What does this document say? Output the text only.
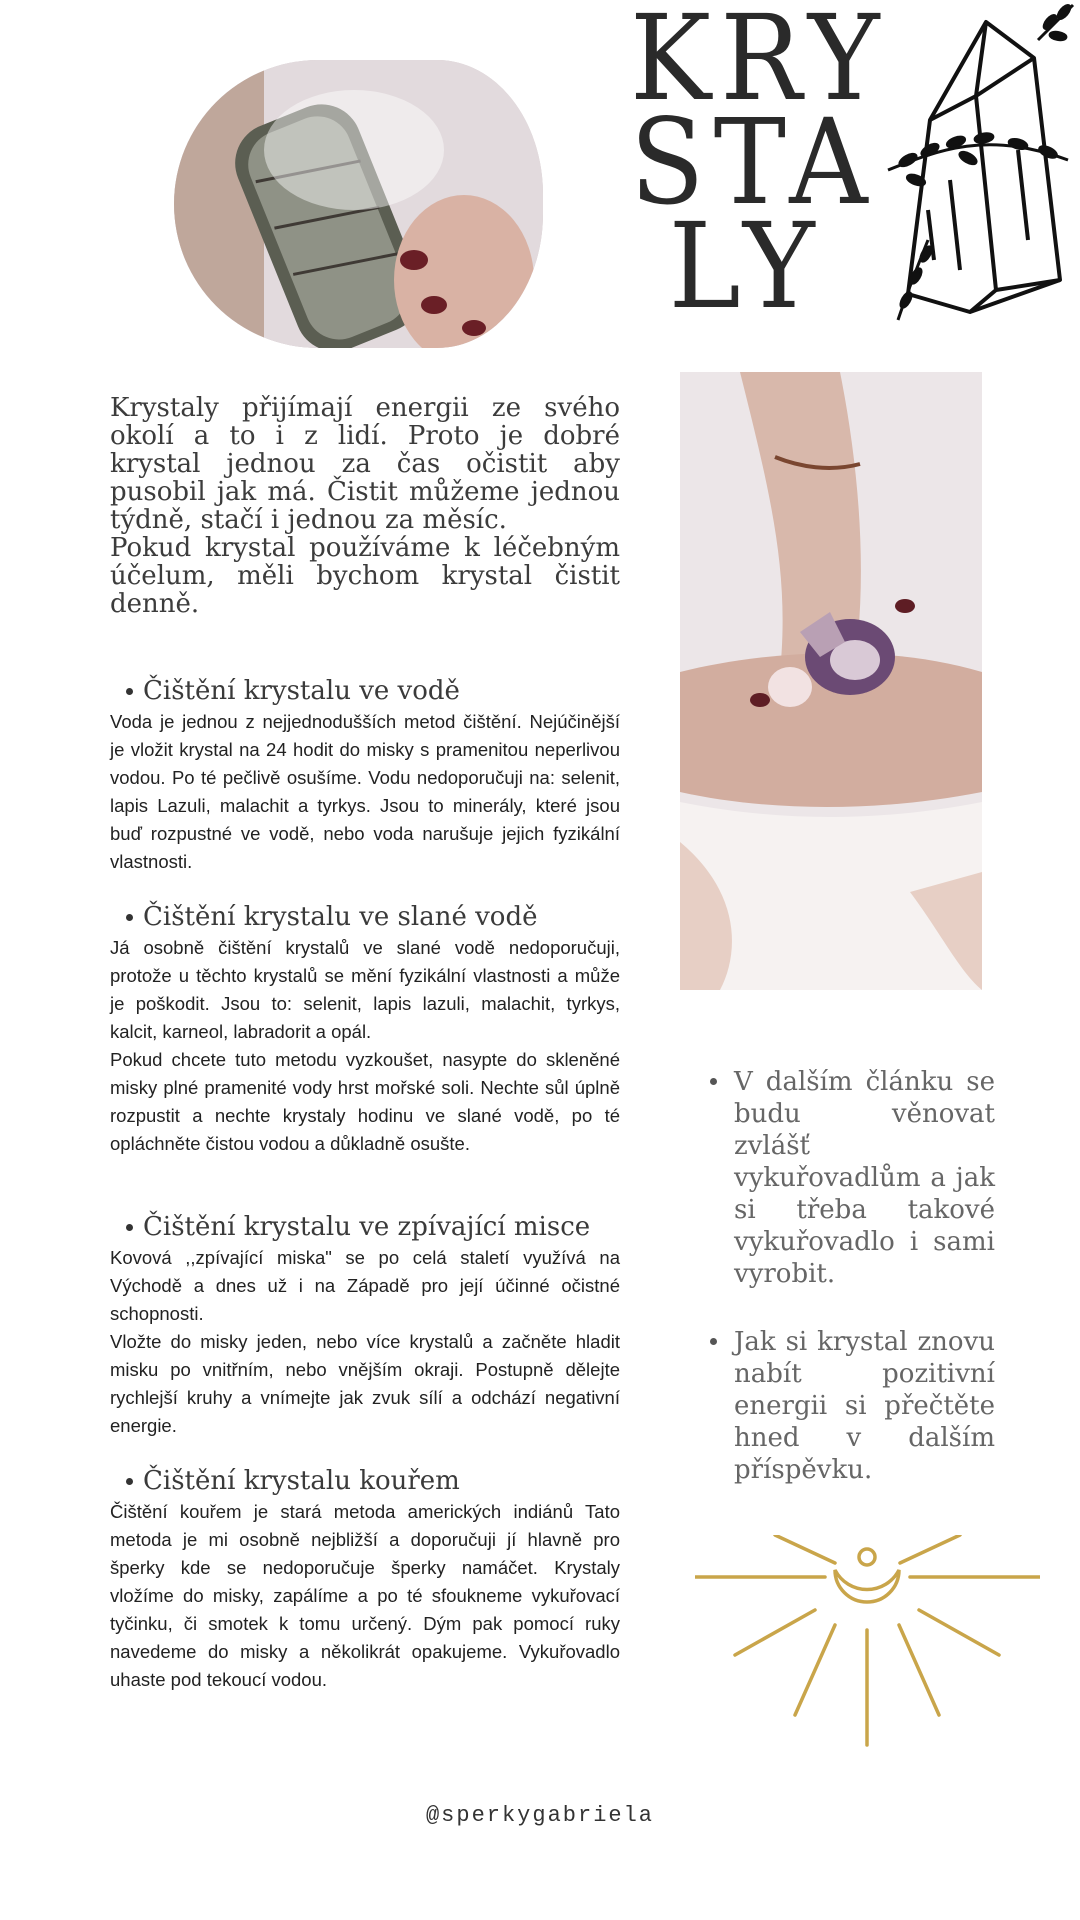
KRY
STA
LY

Krystaly přijímají energii ze svého okolí a to i z lidí. Proto je dobré krystal jednou za čas očistit aby pusobil jak má. Čistit můžeme jednou týdně, stačí i jednou za měsíc.

Pokud krystal používáme k léčebným účelum, měli bychom krystal čistit denně.

Čištění krystalu ve vodě

Voda je jednou z nejjednodušších metod čištění. Nejúčinější je vložit krystal na 24 hodit do misky s pramenitou neperlivou vodou. Po té pečlivě osušíme. Vodu nedoporučuji na: selenit, lapis Lazuli, malachit a tyrkys. Jsou to minerály, které jsou buď rozpustné ve vodě, nebo voda narušuje jejich fyzikální vlastnosti.

Čištění krystalu ve slané vodě

Já osobně čištění krystalů ve slané vodě nedoporučuji, protože u těchto krystalů se mění fyzikální vlastnosti a může je poškodit. Jsou to: selenit, lapis lazuli, malachit, tyrkys, kalcit, karneol, labradorit a opál.

Pokud chcete tuto metodu vyzkoušet, nasypte do skleněné misky plné pramenité vody hrst mořské soli. Nechte sůl úplně rozpustit a nechte krystaly hodinu ve slané vodě, po té opláchněte čistou vodou a důkladně osušte.

Čištění krystalu ve zpívající misce

Kovová ,,zpívající miska" se po celá staletí využívá na Východě a dnes už i na Západě pro její účinné očistné schopnosti.

Vložte do misky jeden, nebo více krystalů a začněte hladit misku po vnitřním, nebo vnějším okraji. Postupně dělejte rychlejší kruhy a vnímejte jak zvuk sílí a odchází negativní energie.

Čištění krystalu kouřem

Čištění kouřem je stará metoda amerických indiánů Tato metoda je mi osobně nejbližší a doporučuji jí hlavně pro šperky kde se nedoporučuje šperky namáčet. Krystaly vložíme do misky, zapálíme a po té sfoukneme vykuřovací tyčinku, či smotek k tomu určený. Dým pak pomocí ruky navedeme do misky a několikrát opakujeme. Vykuřovadlo uhaste pod tekoucí vodou.

V dalším článku se budu věnovat zvlášť vykuřovadlům a jak si třeba takové vykuřovadlo i sami vyrobit.
Jak si krystal znovu nabít pozitivní energii si přečtěte hned v dalším příspěvku.
@sperkygabriela
